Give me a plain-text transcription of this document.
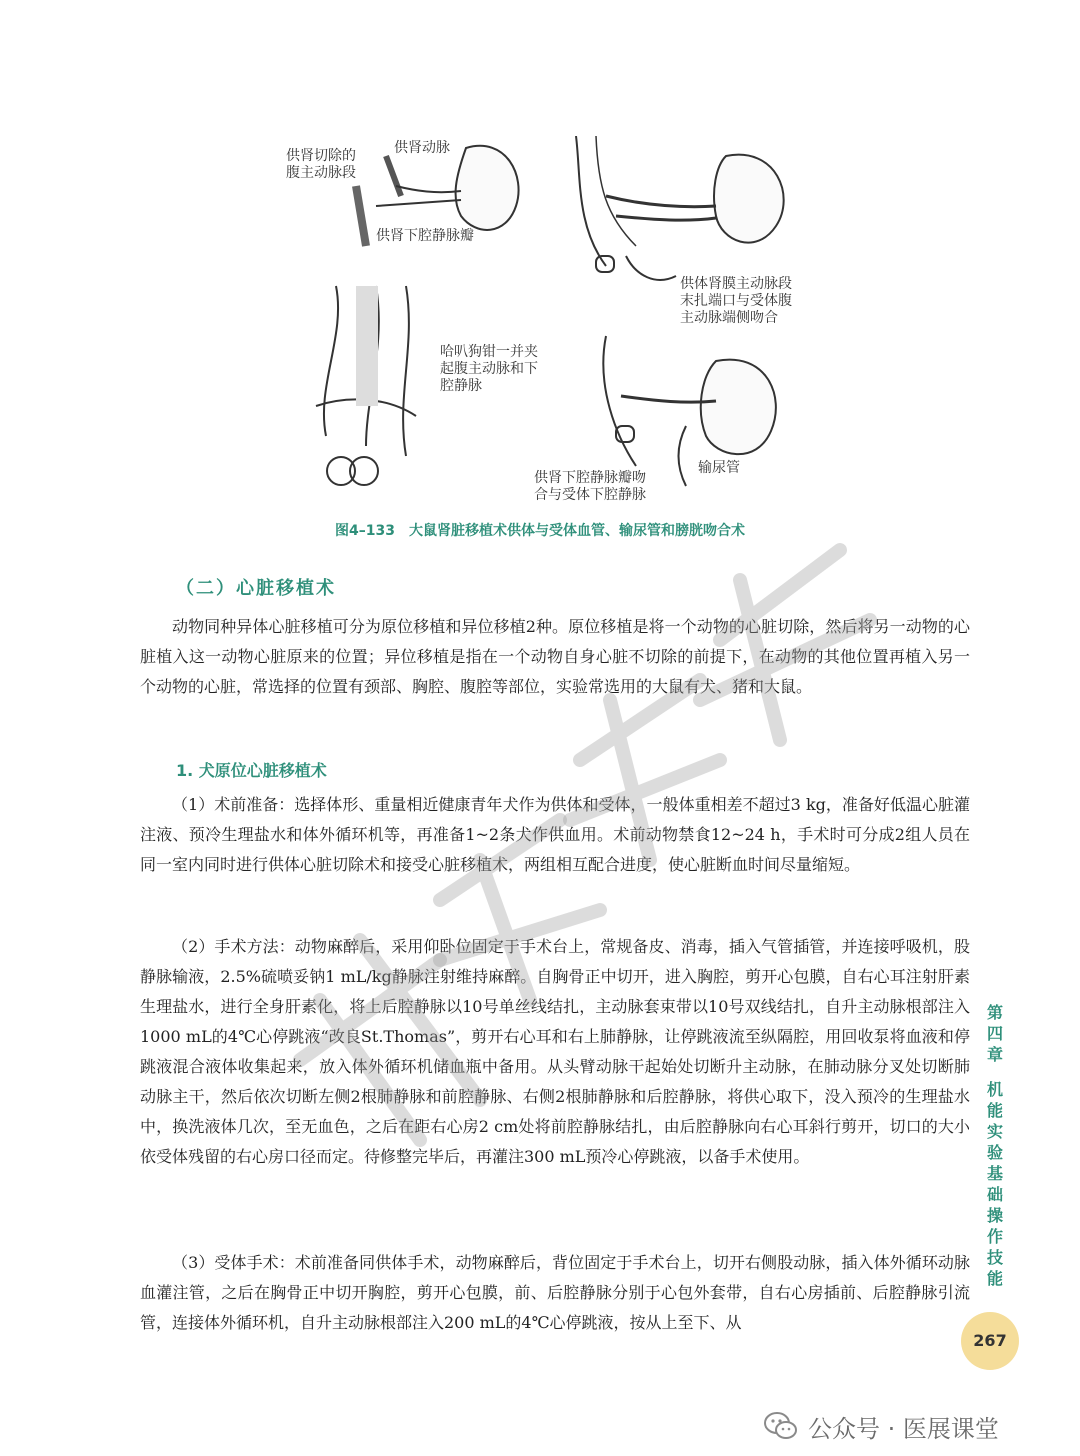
供肾切除的
腹主动脉段
供肾动脉
供肾下腔静脉瓣
供体肾膜主动脉段
末扎端口与受体腹
主动脉端侧吻合
哈叭狗钳一并夹
起腹主动脉和下
腔静脉
输尿管
供肾下腔静脉瓣吻
合与受体下腔静脉
图4–133　大鼠肾脏移植术供体与受体血管、输尿管和膀胱吻合术
（二）心脏移植术

动物同种异体心脏移植可分为原位移植和异位移植2种。原位移植是将一个动物的心脏切除，然后将另一动物的心脏植入这一动物心脏原来的位置；异位移植是指在一个动物自身心脏不切除的前提下，在动物的其他位置再植入另一个动物的心脏，常选择的位置有颈部、胸腔、腹腔等部位，实验常选用的大鼠有犬、猪和大鼠。

1. 犬原位心脏移植术

（1）术前准备：选择体形、重量相近健康青年犬作为供体和受体，一般体重相差不超过3 kg，准备好低温心脏灌注液、预冷生理盐水和体外循环机等，再准备1~2条犬作供血用。术前动物禁食12~24 h，手术时可分成2组人员在同一室内同时进行供体心脏切除术和接受心脏移植术，两组相互配合进度，使心脏断血时间尽量缩短。

（2）手术方法：动物麻醉后，采用仰卧位固定于手术台上，常规备皮、消毒，插入气管插管，并连接呼吸机，股静脉输液，2.5%硫喷妥钠1 mL/kg静脉注射维持麻醉。自胸骨正中切开，进入胸腔，剪开心包膜，自右心耳注射肝素生理盐水，进行全身肝素化，将上后腔静脉以10号单丝线结扎，主动脉套束带以10号双线结扎，自升主动脉根部注入1000 mL的4℃心停跳液“改良St.Thomas”，剪开右心耳和右上肺静脉，让停跳液流至纵隔腔，用回收泵将血液和停跳液混合液体收集起来，放入体外循环机储血瓶中备用。从头臂动脉干起始处切断升主动脉，在肺动脉分叉处切断肺动脉主干，然后依次切断左侧2根肺静脉和前腔静脉、右侧2根肺静脉和后腔静脉，将供心取下，没入预冷的生理盐水中，换洗液体几次，至无血色，之后在距右心房2 cm处将前腔静脉结扎，由后腔静脉向右心耳斜行剪开，切口的大小依受体残留的右心房口径而定。待修整完毕后，再灌注300 mL预冷心停跳液，以备手术使用。

（3）受体手术：术前准备同供体手术，动物麻醉后，背位固定于手术台上，切开右侧股动脉，插入体外循环动脉血灌注管，之后在胸骨正中切开胸腔，剪开心包膜，前、后腔静脉分别于心包外套带，自右心房插前、后腔静脉引流管，连接体外循环机，自升主动脉根部注入200 mL的4℃心停跳液，按从上至下、从

第
四
章
机
能
实
验
基
础
操
作
技
能
267
公众号 · 医展课堂
